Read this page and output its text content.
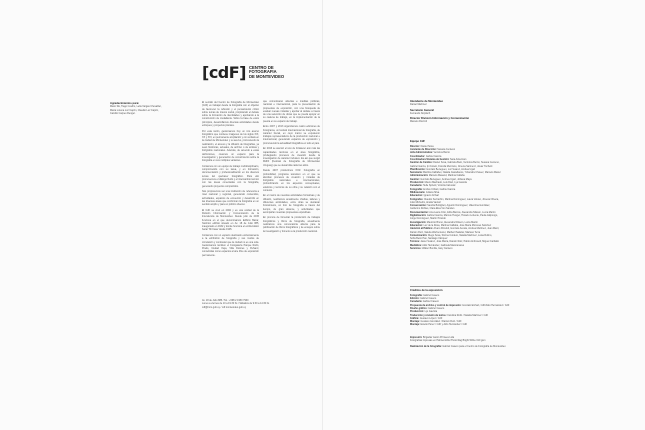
Agradecimientos para:
Mario SE, Tiago Coelho, Lelia Vargas Chevallier,
María Lorena Luz Caprin, Claudio Luz Caprin,
Camillo Carpeo Rengel.
[cdF] CENTRO DE
FOTOGRAFÍA
DE MONTEVIDEO

El sentido del Centro de Fotografía de Montevideo (CdF) es trabajar desde la fotografía con el objetivo de favorecer la reflexión y el pensamiento crítico sobre temas de interés social, propiciando el debate sobre la formación de identidades y aportando a la construcción de ciudadanía. Sobre la base de estos principios, desarrollamos diversas actividades desde enfoques y proyectos plurales.

Por esta razón, gestionamos hoy un rico acervo fotográfico que contiene imágenes de los siglos XIX, XX y XXI, en permanente ampliación y con énfasis en la ciudad de Montevideo y su acervo, promoviendo la realización, el acceso y la difusión de fotografías, ya sean históricas, actuales, de archivo o de artistas y fotógrafos nacionales. Además, de acuerdo a estas definiciones, creamos un espacio para la investigación y generación de conocimiento sobre la fotografía en sus múltiples variantes.

Contamos con un equipo de trabajo multidisciplinario, comprometido con su tarea, y en formación, documentación y profesionalización en los diversos temas del quehacer fotográfico. Para ello promovemos el diálogo fluido y el intercambio técnico con las áreas conectadas con la fotografía, generando proyectos compartidos.

Nos proponemos ser una institución de referencia a nivel nacional y regional, generando contenidos, actividades, espacios de encuentro y desarrollo en las diversas áreas que conforman la fotografía en un sentido amplio y para un público diverso.

El CdF se creó en 2002 y es una unidad de la División Información y Comunicación de la Intendencia de Montevideo. Desde julio de 2015 funciona en el que denominamos Edificio Bazar, histórico edificio situado en Av. 18 de Julio 885, inaugurado en 1932 y donde funciona el emblemático bazar 'Mi Casa' desde 1945.

Contamos con un espacio destinado exclusivamente a la exhibición de fotografía y sus modos de circulación y contrastar que la ciudad no es una sola. Gestionamos también el Fotogalería Parque Rodó, Prado, Ciudad Vieja, Villa Dolores y Peñarol, concebidas como espacios al aire libre de exposición permanente.

Av. 18 de Julio 885 / Tel.: +598 2 1950 7960
Lunes a viernes de 10 a 19:30 hs / Sábados de 9:30 a 14:30 hs
cdf@imm.gub.uy / cdf.montevideo.gub.uy

que comunicaran abiertas e inéditas políticas, nacional e internacional, para la presentación de propuestas de exposición, con una búsqueda de evaluar nuevas miradas y aportar al debate a través de una selección de obras que se pueda apoyar en su cadena de trabajo, en la implementación de la puesta en su espacio de trabajo.

Entre 2007 y 2013 organizamos cuatro ediciones de Fotograma, un festival internacional de fotografía, de carácter bienal, en cuyo marco se expusieron trabajos representativos de la producción nacional e internacional, generando espacios de exposición y promoviendo la actualidad fotográfica en todo el país.

En 2016 se asumió el reto de fortalecer aún más las capacidades técnicas en el área fotográfica, privilegiando procesos de creación desde la investigación de carácter inclusivo. Es así que surgió MdFF (Festival de Fotografía de Montevideo Uruguay) que se desarrolla cada tres años.

Desde 2007 producimos FOZ. Fotografía en profundidad, programa televisivo en el que se abordan procesos de creación y miradas de fotógrafos nacionales e internacionales, profundizando en los aspectos conceptuales, estéticos y técnicos de su obra y su relación con el contexto.

En el marco de nuestras actividades formativas y de difusión, realizamos anualmente charlas, talleres y diferentes actividades, entre otras se destacan Fotosíntesis, un foro de fotografía a través del tiempo, de gran alcance, y actividades que acompañan nuestras propuestas expositivas.

En procura de fomentar la producción de trabajos fotográficos y libros de fotografía, anualmente realizamos una convocatoria abierta para la publicación de libros fotográficos y de ensayos sobre la investigación y fomento a la producción nacional.

Intendente de Montevideo
Daniel Martínez
Secretario General
Fernando Nopitsch
Director División Información y Comunicación
Marcelo Rozzoli
Equipo CdF
Director: Daniel Sosa
Asistente de Dirección: Susana Centeno
Jefa Administrativa: Verónica Barrio
Coordinador: Gabriel García
Coordinadora Sistema de Gestión: Sara Ackerman
Gestión de Cambio: Daniel Sosa, Gabriela Belo, Verónica Berrio, Susana Centeno,
Gabriel García, Ipi Cotelo, Fiorella Mezzano, Jimena Sarmenz, Javier Tochetti
Planificación: Gonzalo Bezeguen, Luz Suarez, Andrea Ugaz
Secretaría: Marilina Caillabet, Natalia Castellanos, Yohandra Chavez, Marcelo Mariel
Administración: Marcelo Masand, Martina Callaba
Gestión: Gonzalo Bezeguen, Andrea Ugaz, Johana Maya
Producción: Mauro Machado, Luis Diaz, Lys Gaviola
Curaduría: Helle Sprietti, Victoria Irazustal
Fotografía: Andrés Cribari, Gabriel García
Bibliotecaria: Juliana Silva
Educación: Ignacio Cribari
Fotógrafos: Claudio Sa Fachin, Martina Domínguez, Laura Veloso, Jimena Olivera,
Julio Michelini, Analía Vantori
Conservación: Sandra Bottiglieri, Agustín Dominguez, Valentina González,
Guillermo Robles, Clara Elsa Von Sanden
Documentación: Ana Laura Cirio, Eliza Barcos, Alexandra Nilsson, Lucía Martín
Digitalización: Gabriel García, Marcos Hunger, Horacio Loriente, Paula Jalipongo,
Jorge Domínguez, Martín Picardo
Investigación: Mauricio Bruno, Alexandra Nilsson, Lucía Martín
Educación: Luz de la Rosa, Martina Caillaba, José María Morones Sánchez
Atención al Público: Alvaro Rimoldi, Gonzalo Acosta, Andrea Martínez, Juan Martí,
Darwin Ruiz, Valeria Werbeniuzer, Matheril Salazar, Mariano Terra
Comunicación: Diego Sosa, Silvina Cordero, Natalia Martínez, Luisa Rufino,
Sofía Beiro Pan, Santiago Vázquez
Técnica: Javier Suárez, José María, Darwin Ruiz, Pablo Ambrosoli, Miguel Carballo
Mediática: Aldo Hernández, Gabriela Manicanares
Servicios: Walter Bonilla, Gary Cantero
Créditos de la exposición
Fotografía: Gabriel Casero
Edición: Gabriel Casero
Curaduría: Gabriel Casero
Propuesta de archivo y control de impresión: Gonzalo Etchart, CdF/Aldo Hernández / CdF
Diseño gráfico: Gabriel Casero
Producción: Lys Gaviola
Traducción y revisión de textos: Carolina Rolin / Natalia Martínez / CdF
Gráfica: Gustavo López / CdF
Montaje: Gustavo González / Darwin Ruiz / CdF
Montaje: Estelio Pérez / CdF y Aldo Hernández / CdF
Impresión: Brigadier Aaron Printees Ltda
Fotografías impresas en Hahnemühle Photo Rag Bright White 310 gsm
Realización de la fotografía: Gabriel Casero para el Centro de Fotografía de Montevideo
